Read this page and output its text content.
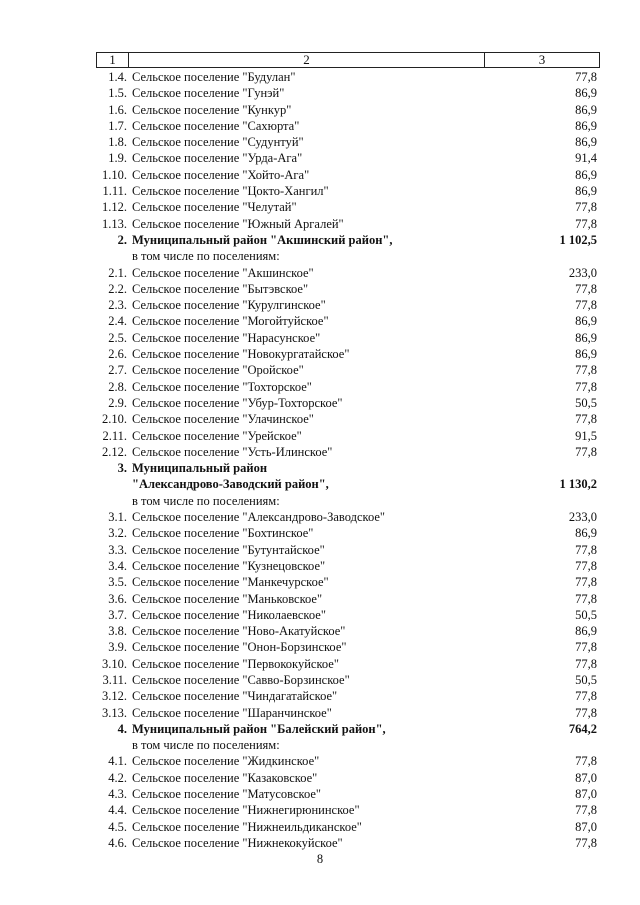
1	2	3
1.4. Сельское поселение "Будулан"	77,8
1.5. Сельское поселение "Гунэй"	86,9
1.6. Сельское поселение "Кункур"	86,9
1.7. Сельское поселение "Сахюрта"	86,9
1.8. Сельское поселение "Судунтуй"	86,9
1.9. Сельское поселение "Урда-Ага"	91,4
1.10. Сельское поселение "Хойто-Ага"	86,9
1.11. Сельское поселение "Цокто-Хангил"	86,9
1.12. Сельское поселение "Челутай"	77,8
1.13. Сельское поселение "Южный Аргалей"	77,8
2. Муниципальный район "Акшинский район",	1 102,5
в том числе по поселениям:
2.1. Сельское поселение "Акшинское"	233,0
2.2. Сельское поселение "Бытэвское"	77,8
2.3. Сельское поселение "Курулгинское"	77,8
2.4. Сельское поселение "Могойтуйское"	86,9
2.5. Сельское поселение "Нарасунское"	86,9
2.6. Сельское поселение "Новокургатайское"	86,9
2.7. Сельское поселение "Оройское"	77,8
2.8. Сельское поселение "Тохторское"	77,8
2.9. Сельское поселение "Убур-Тохторское"	50,5
2.10. Сельское поселение "Улачинское"	77,8
2.11. Сельское поселение "Урейское"	91,5
2.12. Сельское поселение "Усть-Илинское"	77,8
3. Муниципальный район
"Александрово-Заводский район",	1 130,2
в том числе по поселениям:
3.1. Сельское поселение "Александрово-Заводское"	233,0
3.2. Сельское поселение "Бохтинское"	86,9
3.3. Сельское поселение "Бутунтайское"	77,8
3.4. Сельское поселение "Кузнецовское"	77,8
3.5. Сельское поселение "Манкечурское"	77,8
3.6. Сельское поселение "Маньковское"	77,8
3.7. Сельское поселение "Николаевское"	50,5
3.8. Сельское поселение "Ново-Акатуйское"	86,9
3.9. Сельское поселение "Онон-Борзинское"	77,8
3.10. Сельское поселение "Первококуйское"	77,8
3.11. Сельское поселение "Савво-Борзинское"	50,5
3.12. Сельское поселение "Чиндагатайское"	77,8
3.13. Сельское поселение "Шаранчинское"	77,8
4. Муниципальный район "Балейский район",	764,2
в том числе по поселениям:
4.1. Сельское поселение "Жидкинское"	77,8
4.2. Сельское поселение "Казаковское"	87,0
4.3. Сельское поселение "Матусовское"	87,0
4.4. Сельское поселение "Нижнегирюнинское"	77,8
4.5. Сельское поселение "Нижнеильдиканское"	87,0
4.6. Сельское поселение "Нижнекокуйское"	77,8
8
